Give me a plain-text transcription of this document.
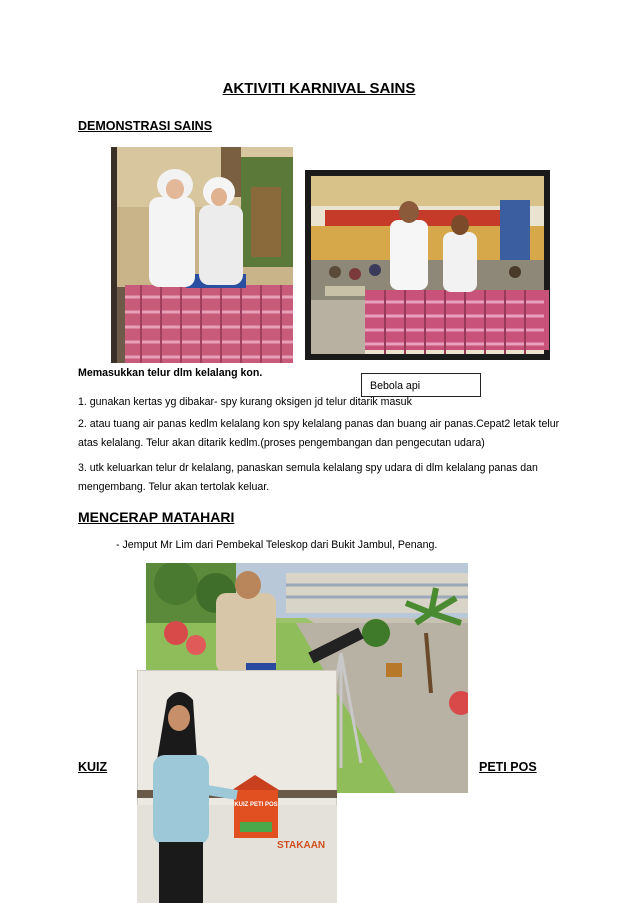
AKTIVITI KARNIVAL SAINS
DEMONSTRASI SAINS
Bebola api
Memasukkan telur dlm kelalang kon.
1. gunakan kertas yg dibakar- spy kurang oksigen jd telur ditarik masuk
2. atau tuang air panas kedlm kelalang kon spy kelalang panas dan buang air panas.Cepat2 letak telur atas kelalang. Telur akan ditarik kedlm.(proses pengembangan dan pengecutan udara)
3. utk keluarkan telur dr kelalang, panaskan semula kelalang spy udara di dlm kelalang panas dan mengembang. Telur akan tertolak keluar.
MENCERAP MATAHARI
- Jemput Mr Lim dari Pembekal Teleskop dari Bukit Jambul, Penang.
STAKAAN
KUIZ PETI POS
KUIZ	PETI POS
